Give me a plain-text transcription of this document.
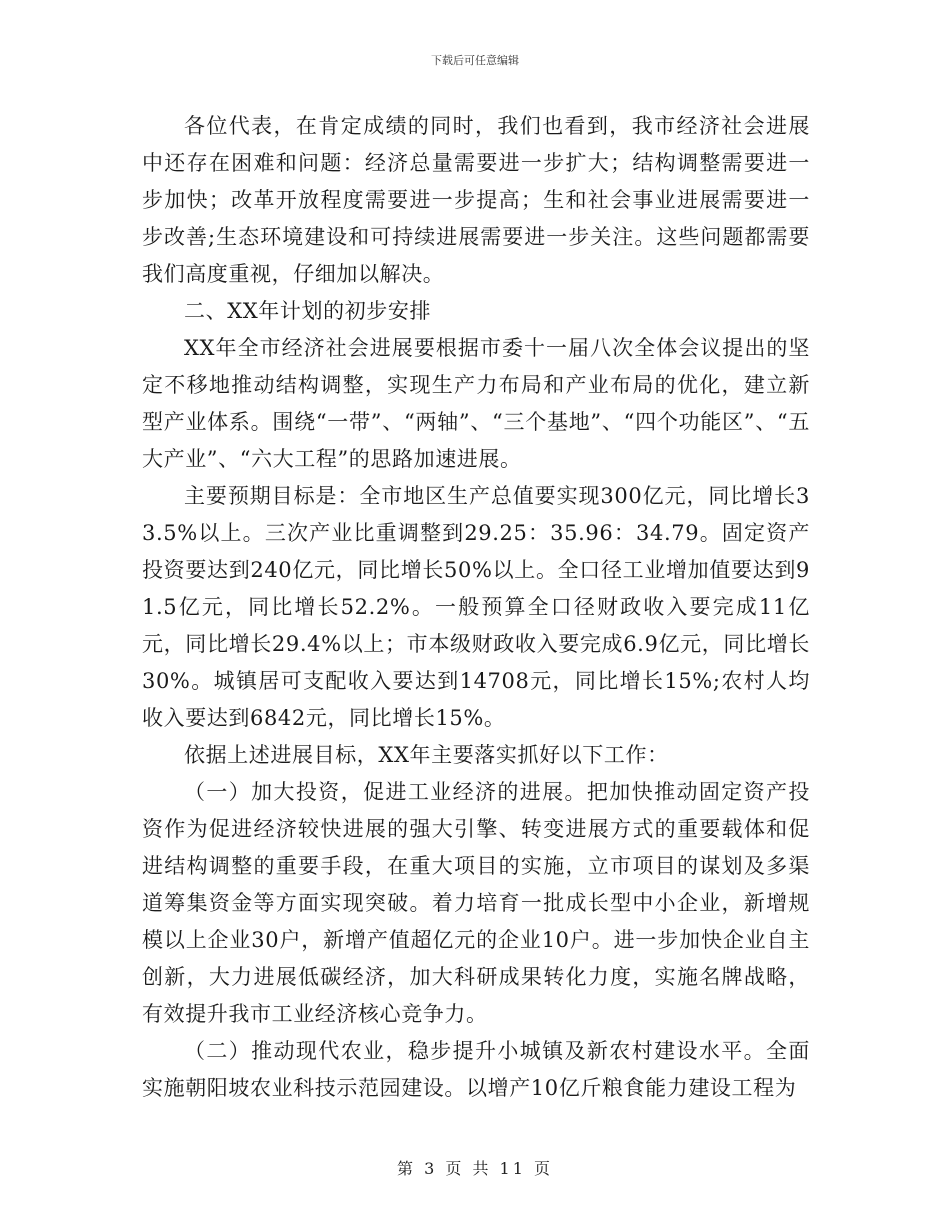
下载后可任意编辑

各位代表，在肯定成绩的同时，我们也看到，我市经济社会进展中还存在困难和问题：经济总量需要进一步扩大；结构调整需要进一步加快；改革开放程度需要进一步提高；生和社会事业进展需要进一步改善;生态环境建设和可持续进展需要进一步关注。这些问题都需要我们高度重视，仔细加以解决。

二、XX年计划的初步安排

XX年全市经济社会进展要根据市委十一届八次全体会议提出的坚定不移地推动结构调整，实现生产力布局和产业布局的优化，建立新型产业体系。围绕“一带”、“两轴”、“三个基地”、“四个功能区”、“五大产业”、“六大工程”的思路加速进展。

主要预期目标是：全市地区生产总值要实现300亿元，同比增长33.5%以上。三次产业比重调整到29.25：35.96：34.79。固定资产投资要达到240亿元，同比增长50%以上。全口径工业增加值要达到91.5亿元，同比增长52.2%。一般预算全口径财政收入要完成11亿元，同比增长29.4%以上；市本级财政收入要完成6.9亿元，同比增长30%。城镇居可支配收入要达到14708元，同比增长15%;农村人均收入要达到6842元，同比增长15%。

依据上述进展目标，XX年主要落实抓好以下工作：

（一）加大投资，促进工业经济的进展。把加快推动固定资产投资作为促进经济较快进展的强大引擎、转变进展方式的重要载体和促进结构调整的重要手段，在重大项目的实施，立市项目的谋划及多渠道筹集资金等方面实现突破。着力培育一批成长型中小企业，新增规模以上企业30户，新增产值超亿元的企业10户。进一步加快企业自主创新，大力进展低碳经济，加大科研成果转化力度，实施名牌战略，有效提升我市工业经济核心竞争力。

（二）推动现代农业，稳步提升小城镇及新农村建设水平。全面实施朝阳坡农业科技示范园建设。以增产10亿斤粮食能力建设工程为

第 3 页 共 11 页
